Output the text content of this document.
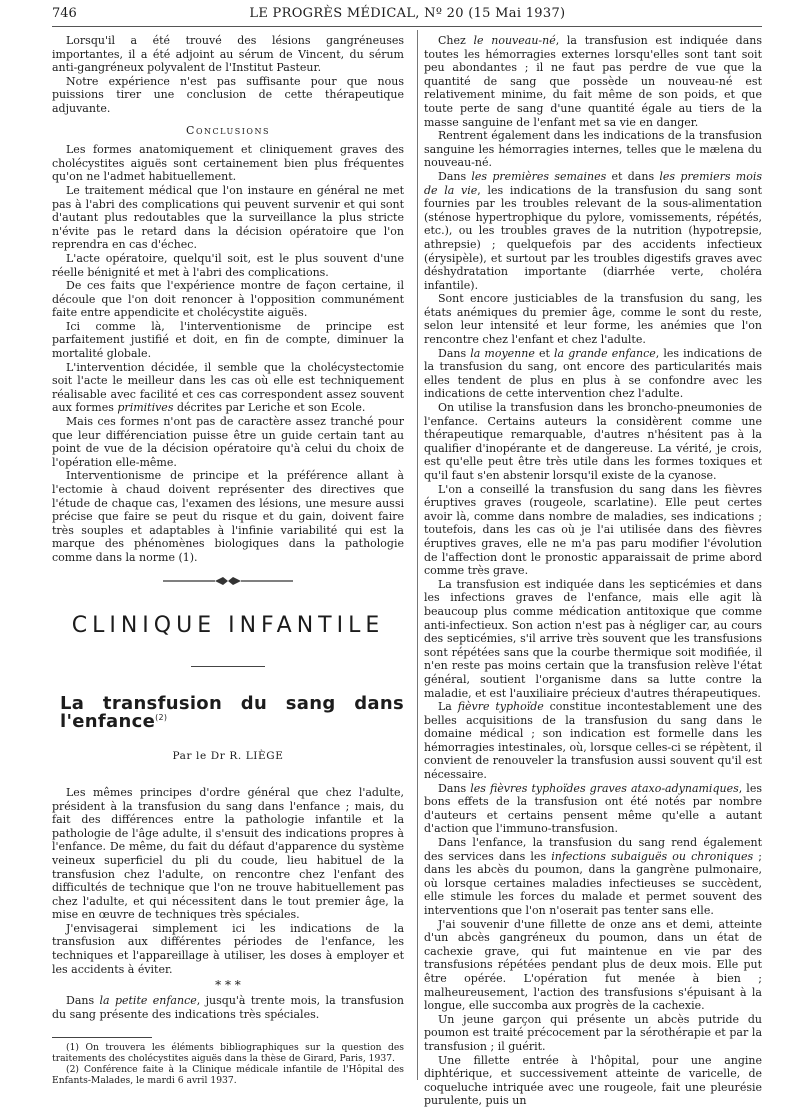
746	LE PROGRÈS MÉDICAL, Nº 20 (15 Mai 1937)

Lorsqu'il a été trouvé des lésions gangréneuses importantes, il a été adjoint au sérum de Vincent, du sérum anti-gangréneux polyvalent de l'Institut Pasteur.

Notre expérience n'est pas suffisante pour que nous puissions tirer une conclusion de cette thérapeutique adjuvante.

Conclusions

Les formes anatomiquement et cliniquement graves des cholécystites aiguës sont certainement bien plus fréquentes qu'on ne l'admet habituellement.

Le traitement médical que l'on instaure en général ne met pas à l'abri des complications qui peuvent survenir et qui sont d'autant plus redoutables que la surveillance la plus stricte n'évite pas le retard dans la décision opératoire que l'on reprendra en cas d'échec.

L'acte opératoire, quelqu'il soit, est le plus souvent d'une réelle bénignité et met à l'abri des complications.

De ces faits que l'expérience montre de façon certaine, il découle que l'on doit renoncer à l'opposition communément faite entre appendicite et cholécystite aiguës.

Ici comme là, l'interventionisme de principe est parfaitement justifié et doit, en fin de compte, diminuer la mortalité globale.

L'intervention décidée, il semble que la cholécystectomie soit l'acte le meilleur dans les cas où elle est techniquement réalisable avec facilité et ces cas correspondent assez souvent aux formes primitives décrites par Leriche et son Ecole.

Mais ces formes n'ont pas de caractère assez tranché pour que leur différenciation puisse être un guide certain tant au point de vue de la décision opératoire qu'à celui du choix de l'opération elle-même.

Interventionisme de principe et la préférence allant à l'ectomie à chaud doivent représenter des directives que l'étude de chaque cas, l'examen des lésions, une mesure aussi précise que faire se peut du risque et du gain, doivent faire très souples et adaptables à l'infinie variabilité qui est la marque des phénomènes biologiques dans la pathologie comme dans la norme (1).

CLINIQUE INFANTILE
La transfusion du sang dans l'enfance$^{(2)}$
Par le Dr R. LIÈGE

Les mêmes principes d'ordre général que chez l'adulte, président à la transfusion du sang dans l'enfance ; mais, du fait des différences entre la pathologie infantile et la pathologie de l'âge adulte, il s'ensuit des indications propres à l'enfance. De même, du fait du défaut d'apparence du système veineux superficiel du pli du coude, lieu habituel de la transfusion chez l'adulte, on rencontre chez l'enfant des difficultés de technique que l'on ne trouve habituellement pas chez l'adulte, et qui nécessitent dans le tout premier âge, la mise en œuvre de techniques très spéciales.

J'envisagerai simplement ici les indications de la transfusion aux différentes périodes de l'enfance, les techniques et l'appareillage à utiliser, les doses à employer et les accidents à éviter.

* * *

Dans la petite enfance, jusqu'à trente mois, la transfusion du sang présente des indications très spéciales.

(1) On trouvera les éléments bibliographiques sur la question des traitements des cholécystites aiguës dans la thèse de Girard, Paris, 1937.

(2) Conférence faite à la Clinique médicale infantile de l'Hôpital des Enfants-Malades, le mardi 6 avril 1937.

Chez le nouveau-né, la transfusion est indiquée dans toutes les hémorragies externes lorsqu'elles sont tant soit peu abondantes ; il ne faut pas perdre de vue que la quantité de sang que possède un nouveau-né est relativement minime, du fait même de son poids, et que toute perte de sang d'une quantité égale au tiers de la masse sanguine de l'enfant met sa vie en danger.

Rentrent également dans les indications de la transfusion sanguine les hémorragies internes, telles que le mælena du nouveau-né.

Dans les premières semaines et dans les premiers mois de la vie, les indications de la transfusion du sang sont fournies par les troubles relevant de la sous-alimentation (sténose hypertrophique du pylore, vomissements, répétés, etc.), ou les troubles graves de la nutrition (hypotrepsie, athrepsie) ; quelquefois par des accidents infectieux (érysipèle), et surtout par les troubles digestifs graves avec déshydratation importante (diarrhée verte, choléra infantile).

Sont encore justiciables de la transfusion du sang, les états anémiques du premier âge, comme le sont du reste, selon leur intensité et leur forme, les anémies que l'on rencontre chez l'enfant et chez l'adulte.

Dans la moyenne et la grande enfance, les indications de la transfusion du sang, ont encore des particularités mais elles tendent de plus en plus à se confondre avec les indications de cette intervention chez l'adulte.

On utilise la transfusion dans les broncho-pneumonies de l'enfance. Certains auteurs la considèrent comme une thérapeutique remarquable, d'autres n'hésitent pas à la qualifier d'inopérante et de dangereuse. La vérité, je crois, est qu'elle peut être très utile dans les formes toxiques et qu'il faut s'en abstenir lorsqu'il existe de la cyanose.

L'on a conseillé la transfusion du sang dans les fièvres éruptives graves (rougeole, scarlatine). Elle peut certes avoir là, comme dans nombre de maladies, ses indications ; toutefois, dans les cas où je l'ai utilisée dans des fièvres éruptives graves, elle ne m'a pas paru modifier l'évolution de l'affection dont le pronostic apparaissait de prime abord comme très grave.

La transfusion est indiquée dans les septicémies et dans les infections graves de l'enfance, mais elle agit là beaucoup plus comme médication antitoxique que comme anti-infectieux. Son action n'est pas à négliger car, au cours des septicémies, s'il arrive très souvent que les transfusions sont répétées sans que la courbe thermique soit modifiée, il n'en reste pas moins certain que la transfusion relève l'état général, soutient l'organisme dans sa lutte contre la maladie, et est l'auxiliaire précieux d'autres thérapeutiques.

La fièvre typhoïde constitue incontestablement une des belles acquisitions de la transfusion du sang dans le domaine médical ; son indication est formelle dans les hémorragies intestinales, où, lorsque celles-ci se répètent, il convient de renouveler la transfusion aussi souvent qu'il est nécessaire.

Dans les fièvres typhoïdes graves ataxo-adynamiques, les bons effets de la transfusion ont été notés par nombre d'auteurs et certains pensent même qu'elle a autant d'action que l'immuno-transfusion.

Dans l'enfance, la transfusion du sang rend également des services dans les infections subaiguës ou chroniques ; dans les abcès du poumon, dans la gangrène pulmonaire, où lorsque certaines maladies infectieuses se succèdent, elle stimule les forces du malade et permet souvent des interventions que l'on n'oserait pas tenter sans elle.

J'ai souvenir d'une fillette de onze ans et demi, atteinte d'un abcès gangréneux du poumon, dans un état de cachexie grave, qui fut maintenue en vie par des transfusions répétées pendant plus de deux mois. Elle put être opérée. L'opération fut menée à bien ; malheureusement, l'action des transfusions s'épuisant à la longue, elle succomba aux progrès de la cachexie.

Un jeune garçon qui présente un abcès putride du poumon est traité précocement par la sérothérapie et par la transfusion ; il guérit.

Une fillette entrée à l'hôpital, pour une angine diphtérique, et successivement atteinte de varicelle, de coqueluche intriquée avec une rougeole, fait une pleurésie purulente, puis un
